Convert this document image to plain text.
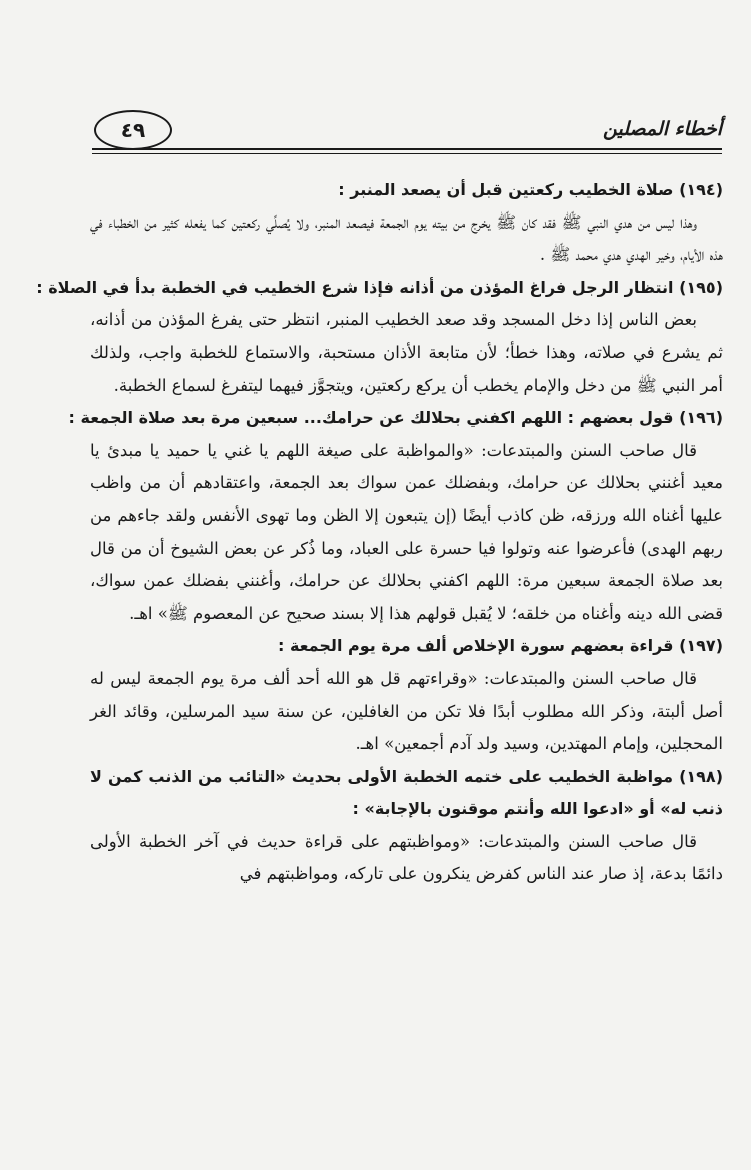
أخطاء المصلين
٤٩
(١٩٤) صلاة الخطيب ركعتين قبل أن يصعد المنبر :

وهذا ليس من هدي النبي ﷺ فقد كان ﷺ يخرج من بيته يوم الجمعة فيصعد المنبر، ولا يُصلِّي ركعتين كما يفعله كثير من الخطباء في هذه الأيام، وخير الهدي هدي محمد ﷺ .

(١٩٥) انتظار الرجل فراغ المؤذن من أذانه فإذا شرع الخطيب في الخطبة بدأ في الصلاة :

بعض الناس إذا دخل المسجد وقد صعد الخطيب المنبر، انتظر حتى يفرغ المؤذن من أذانه، ثم يشرع في صلاته، وهذا خطأ؛ لأن متابعة الأذان مستحبة، والاستماع للخطبة واجب، ولذلك أمر النبي ﷺ من دخل والإمام يخطب أن يركع ركعتين، ويتجوَّز فيهما ليتفرغ لسماع الخطبة.

(١٩٦) قول بعضهم : اللهم اكفني بحلالك عن حرامك... سبعين مرة بعد صلاة الجمعة :

قال صاحب السنن والمبتدعات: «والمواظبة على صيغة اللهم يا غني يا حميد يا مبدئ يا معيد أغنني بحلالك عن حرامك، وبفضلك عمن سواك بعد الجمعة، واعتقادهم أن من واظب عليها أغناه الله ورزقه، ظن كاذب أيضًا (إن يتبعون إلا الظن وما تهوى الأنفس ولقد جاءهم من ربهم الهدى) فأعرضوا عنه وتولوا فيا حسرة على العباد، وما ذُكر عن بعض الشيوخ أن من قال بعد صلاة الجمعة سبعين مرة: اللهم اكفني بحلالك عن حرامك، وأغنني بفضلك عمن سواك، قضى الله دينه وأغناه من خلقه؛ لا يُقبل قولهم هذا إلا بسند صحيح عن المعصوم ﷺ» اهـ.

(١٩٧) قراءة بعضهم سورة الإخلاص ألف مرة يوم الجمعة :

قال صاحب السنن والمبتدعات: «وقراءتهم قل هو الله أحد ألف مرة يوم الجمعة ليس له أصل ألبتة، وذكر الله مطلوب أبدًا فلا تكن من الغافلين، عن سنة سيد المرسلين، وقائد الغر المحجلين، وإمام المهتدين، وسيد ولد آدم أجمعين» اهـ.

(١٩٨) مواظبة الخطيب على ختمه الخطبة الأولى بحديث «التائب من الذنب كمن لا ذنب له» أو «ادعوا الله وأنتم موقنون بالإجابة» :

قال صاحب السنن والمبتدعات: «ومواظبتهم على قراءة حديث في آخر الخطبة الأولى دائمًا بدعة، إذ صار عند الناس كفرض ينكرون على تاركه، ومواظبتهم في
